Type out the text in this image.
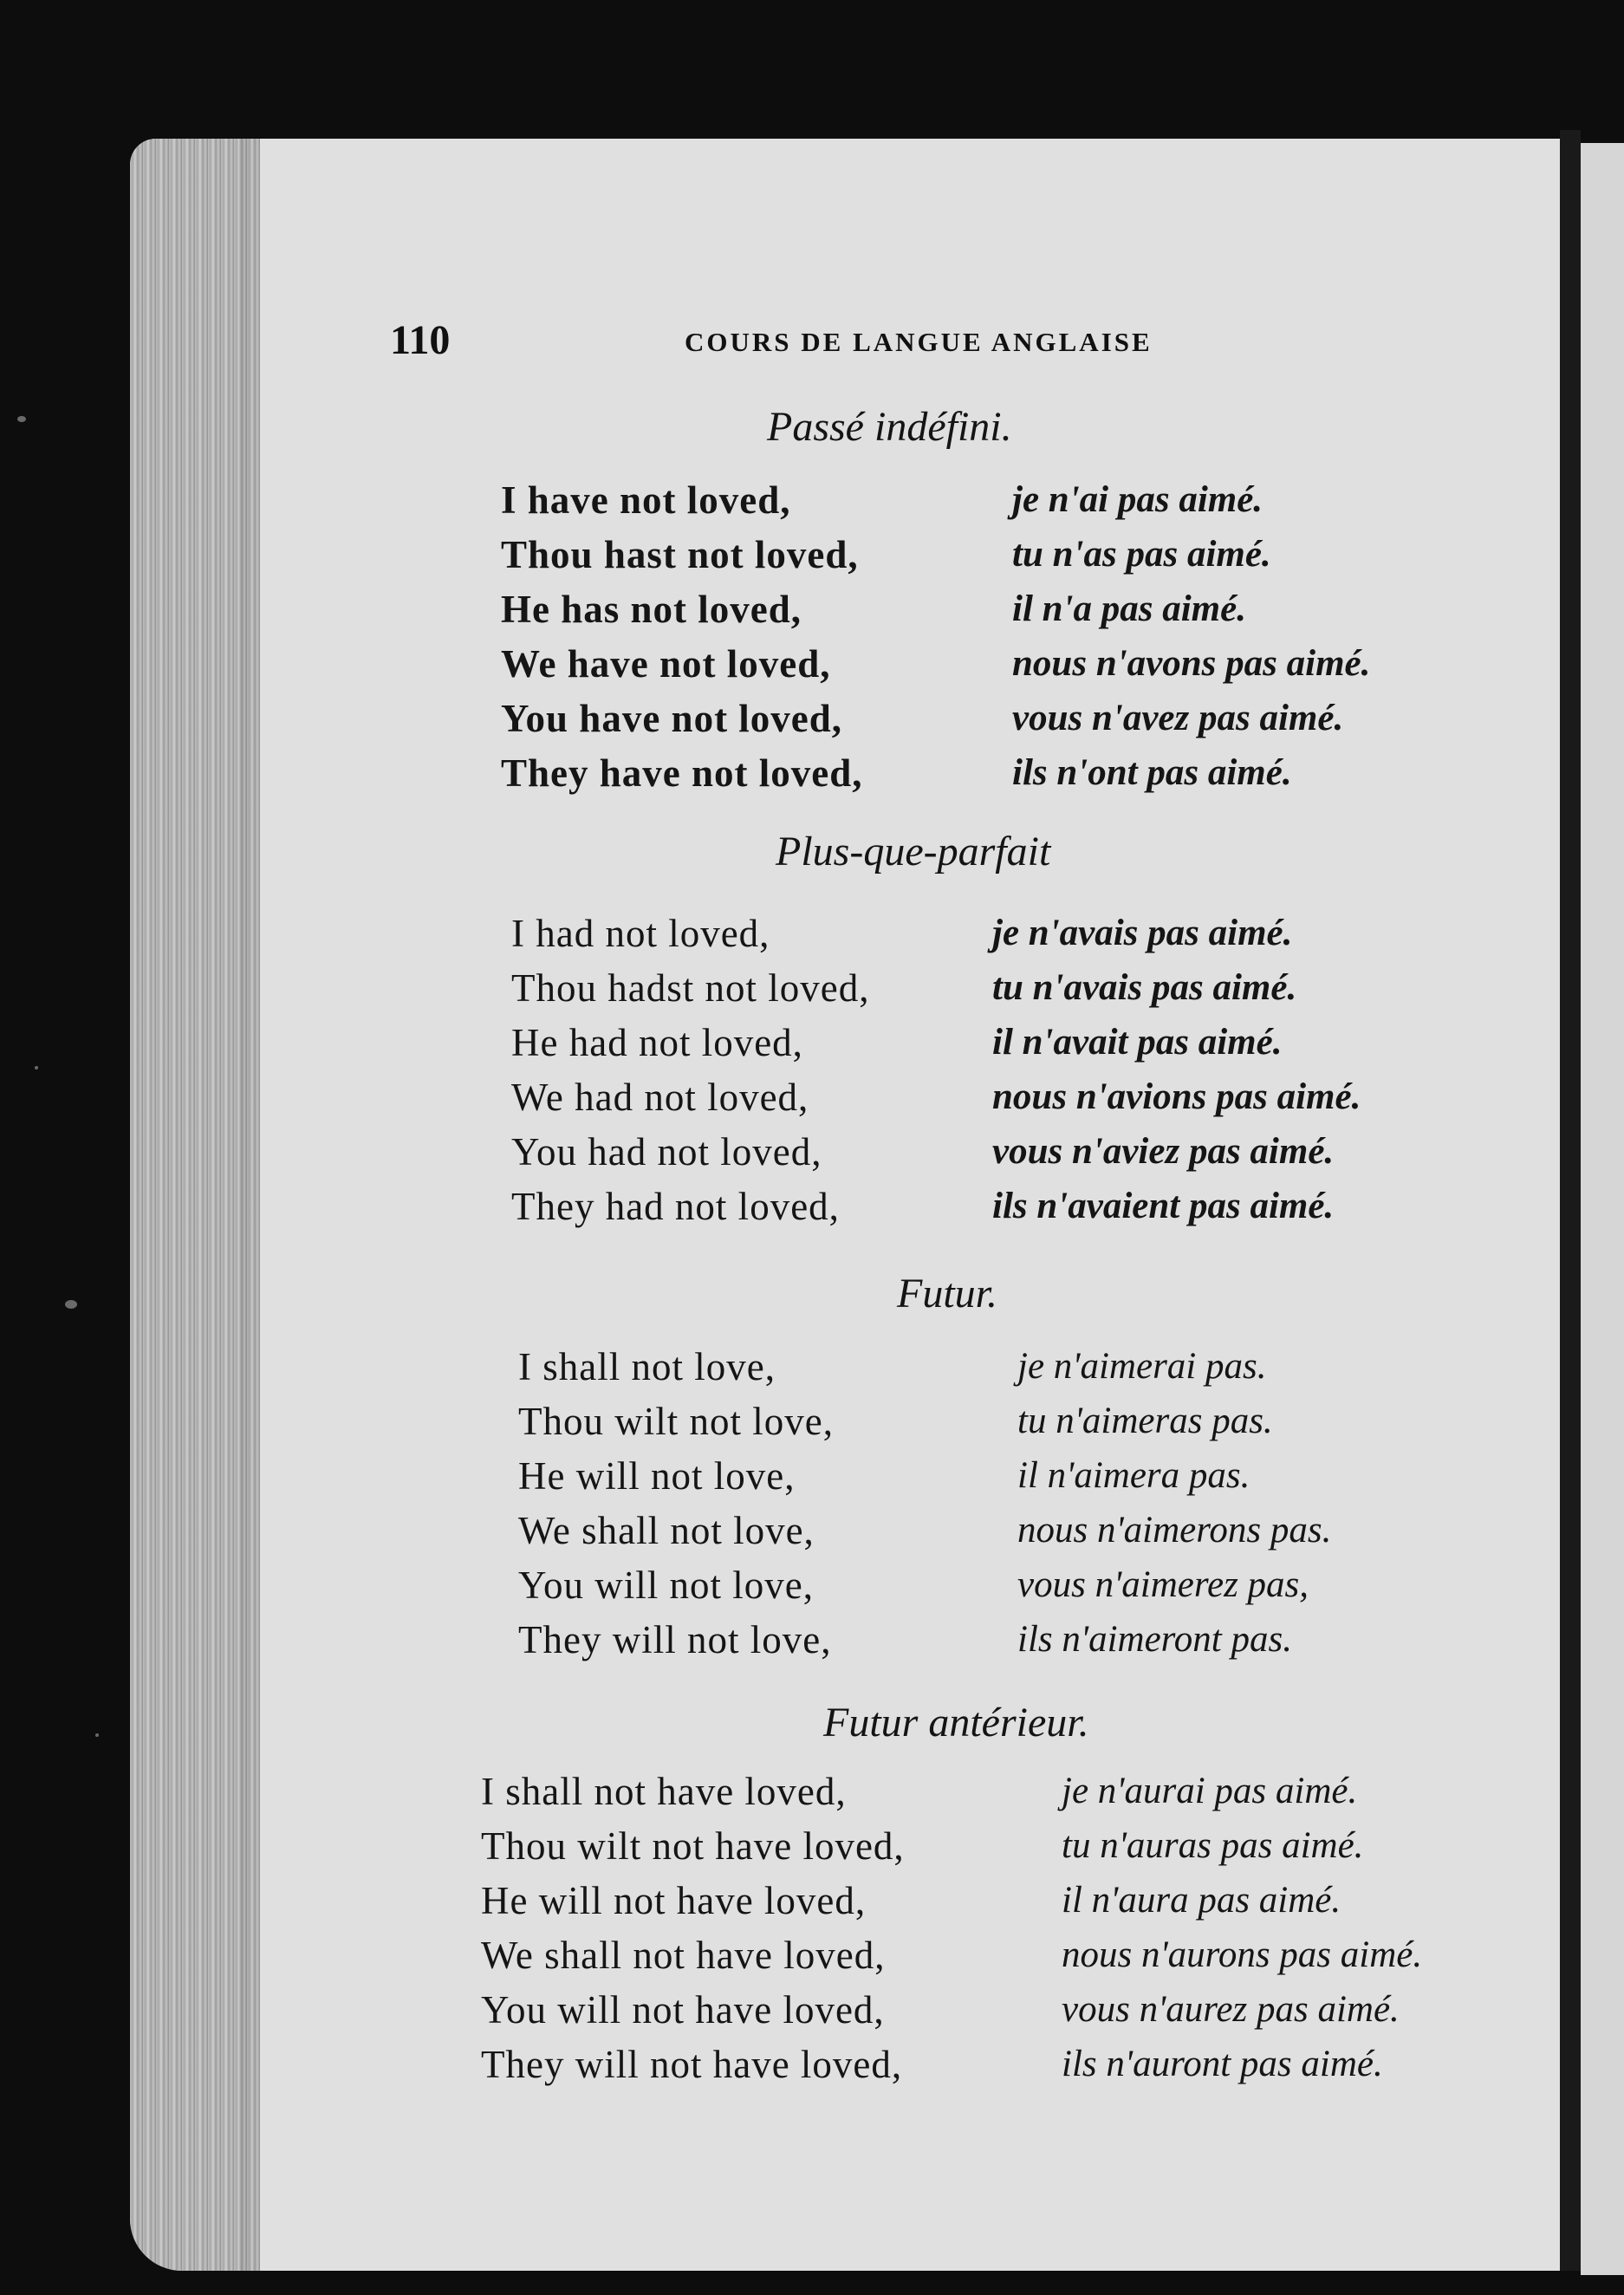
110	COURS DE LANGUE ANGLAISE
Passé indéfini.
I have not loved,	je n'ai pas aimé.
Thou hast not loved,	tu n'as pas aimé.
He has not loved,	il n'a pas aimé.
We have not loved,	nous n'avons pas aimé.
You have not loved,	vous n'avez pas aimé.
They have not loved,	ils n'ont pas aimé.
Plus-que-parfait
I had not loved,	je n'avais pas aimé.
Thou hadst not loved,	tu n'avais pas aimé.
He had not loved,	il n'avait pas aimé.
We had not loved,	nous n'avions pas aimé.
You had not loved,	vous n'aviez pas aimé.
They had not loved,	ils n'avaient pas aimé.
Futur.
I shall not love,	je n'aimerai pas.
Thou wilt not love,	tu n'aimeras pas.
He will not love,	il n'aimera pas.
We shall not love,	nous n'aimerons pas.
You will not love,	vous n'aimerez pas,
They will not love,	ils n'aimeront pas.
Futur antérieur.
I shall not have loved,	je n'aurai pas aimé.
Thou wilt not have loved,	tu n'auras pas aimé.
He will not have loved,	il n'aura pas aimé.
We shall not have loved,	nous n'aurons pas aimé.
You will not have loved,	vous n'aurez pas aimé.
They will not have loved,	ils n'auront pas aimé.
